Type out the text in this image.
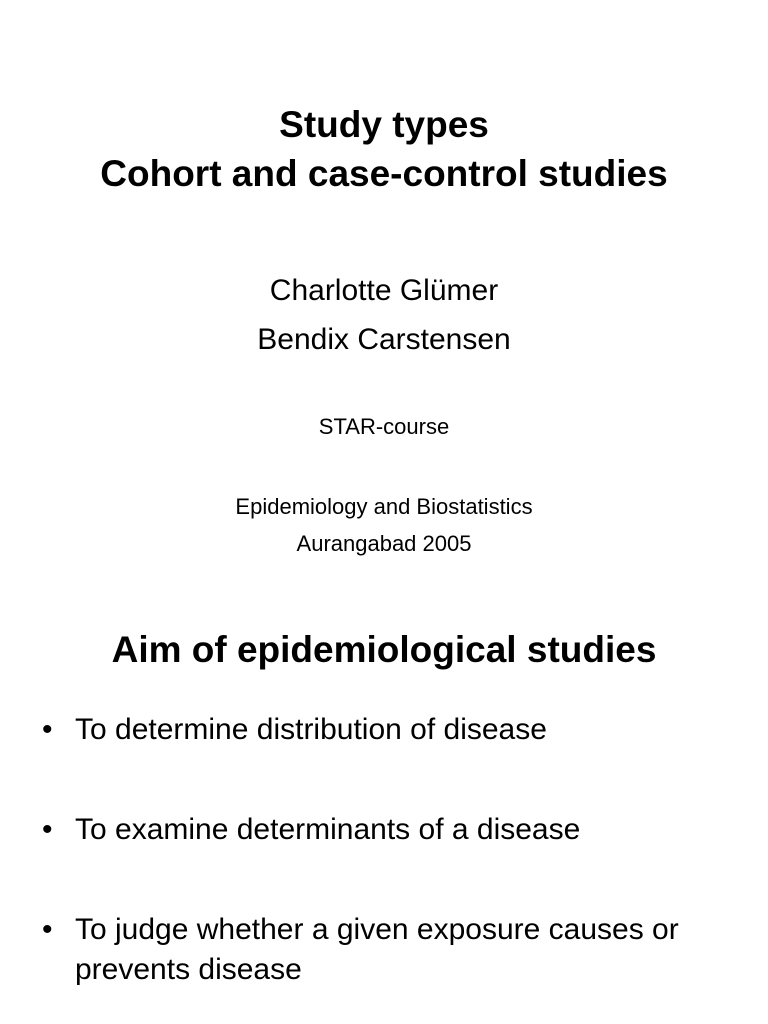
Study types
Cohort and case-control studies
Charlotte Glümer
Bendix Carstensen
STAR-course
Epidemiology and Biostatistics
Aurangabad 2005
Aim of epidemiological studies
• To determine distribution of disease
• To examine determinants of a disease
• To judge whether a given exposure causes or prevents disease
